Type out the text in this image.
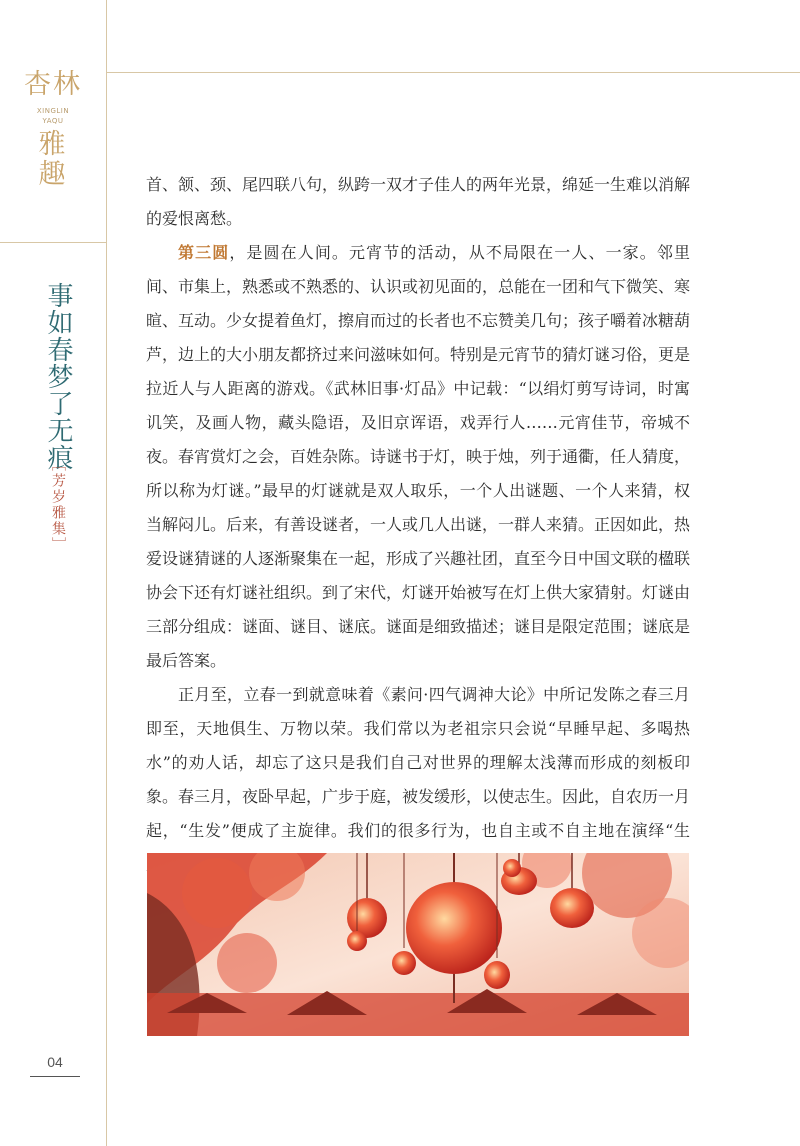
杏林
XINGLIN
YAQU
雅
趣
事如春梦了无痕
［芳岁雅集］

首、颔、颈、尾四联八句，纵跨一双才子佳人的两年光景，绵延一生难以消解的爱恨离愁。

第三圆，是圆在人间。元宵节的活动，从不局限在一人、一家。邻里间、市集上，熟悉或不熟悉的、认识或初见面的，总能在一团和气下微笑、寒暄、互动。少女提着鱼灯，擦肩而过的长者也不忘赞美几句；孩子嚼着冰糖葫芦，边上的大小朋友都挤过来问滋味如何。特别是元宵节的猜灯谜习俗，更是拉近人与人距离的游戏。《武林旧事·灯品》中记载：“以绢灯剪写诗词，时寓讥笑，及画人物，藏头隐语，及旧京诨语，戏弄行人……元宵佳节，帝城不夜。春宵赏灯之会，百姓杂陈。诗谜书于灯，映于烛，列于通衢，任人猜度，所以称为灯谜。”最早的灯谜就是双人取乐，一个人出谜题、一个人来猜，权当解闷儿。后来，有善设谜者，一人或几人出谜，一群人来猜。正因如此，热爱设谜猜谜的人逐渐聚集在一起，形成了兴趣社团，直至今日中国文联的楹联协会下还有灯谜社组织。到了宋代，灯谜开始被写在灯上供大家猜射。灯谜由三部分组成：谜面、谜目、谜底。谜面是细致描述；谜目是限定范围；谜底是最后答案。

正月至，立春一到就意味着《素问·四气调神大论》中所记发陈之春三月即至，天地俱生、万物以荣。我们常以为老祖宗只会说“早睡早起、多喝热水”的劝人话，却忘了这只是我们自己对世界的理解太浅薄而形成的刻板印象。春三月，夜卧早起，广步于庭，被发缓形，以使志生。因此，自农历一月起，“生发”便成了主旋律。我们的很多行为，也自主或不自主地在演绎“生

04
